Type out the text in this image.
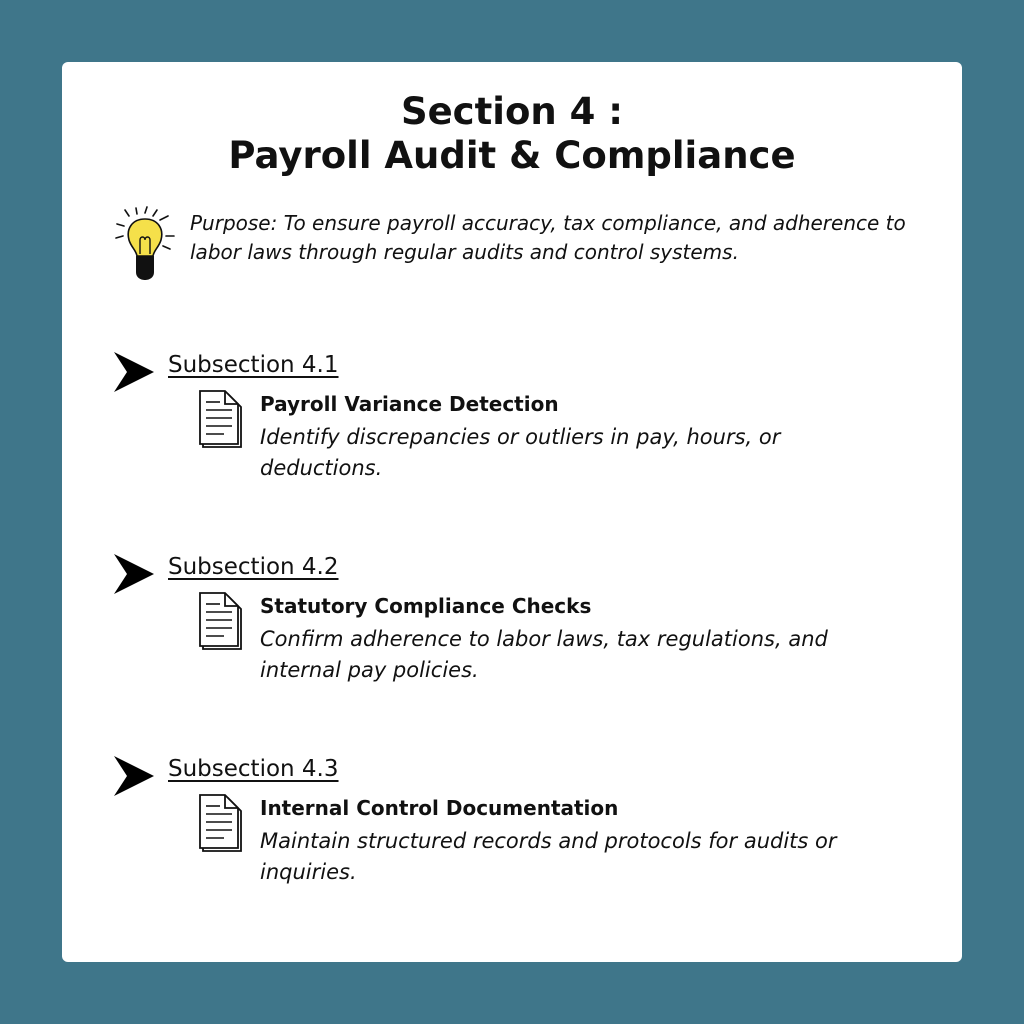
Section 4 :
Payroll Audit & Compliance
Purpose: To ensure payroll accuracy, tax compliance, and adherence to labor laws through regular audits and control systems.
Subsection 4.1
Payroll Variance Detection
Identify discrepancies or outliers in pay, hours, or deductions.
Subsection 4.2
Statutory Compliance Checks
Confirm adherence to labor laws, tax regulations, and internal pay policies.
Subsection 4.3
Internal Control Documentation
Maintain structured records and protocols for audits or inquiries.
